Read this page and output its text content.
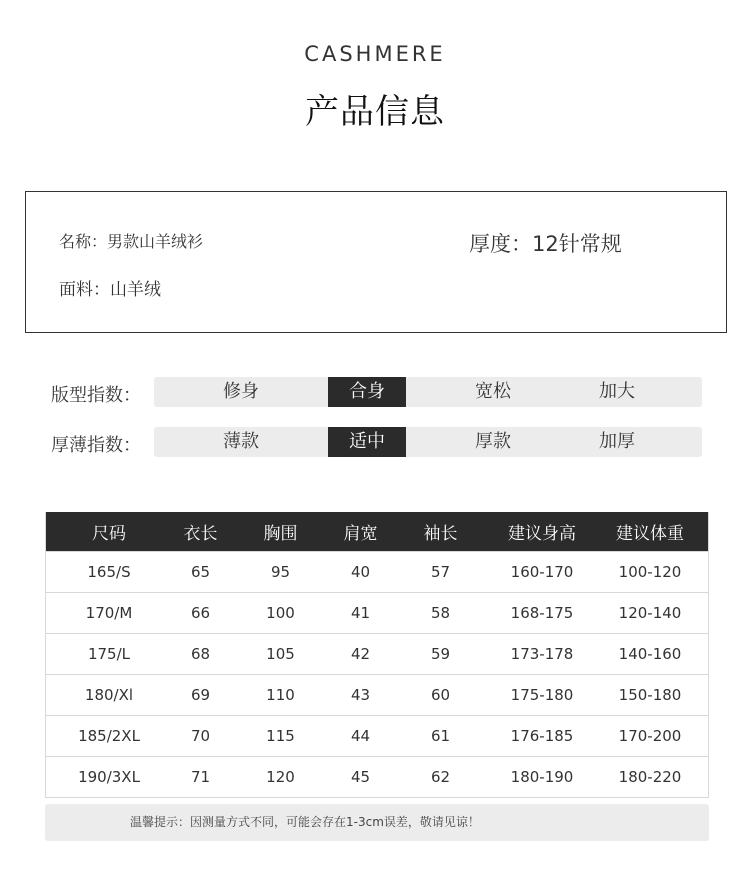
CASHMERE
产品信息
名称：男款山羊绒衫	厚度：12针常规
面料：山羊绒
版型指数：	修身	合身	宽松	加大
厚薄指数：	薄款	适中	厚款	加厚
尺码	衣长	胸围	肩宽	袖长	建议身高	建议体重
165/S	65	95	40	57	160-170	100-120
170/M	66	100	41	58	168-175	120-140
175/L	68	105	42	59	173-178	140-160
180/Xl	69	110	43	60	175-180	150-180
185/2XL	70	115	44	61	176-185	170-200
190/3XL	71	120	45	62	180-190	180-220
温馨提示：因测量方式不同，可能会存在1-3cm误差，敬请见谅！
